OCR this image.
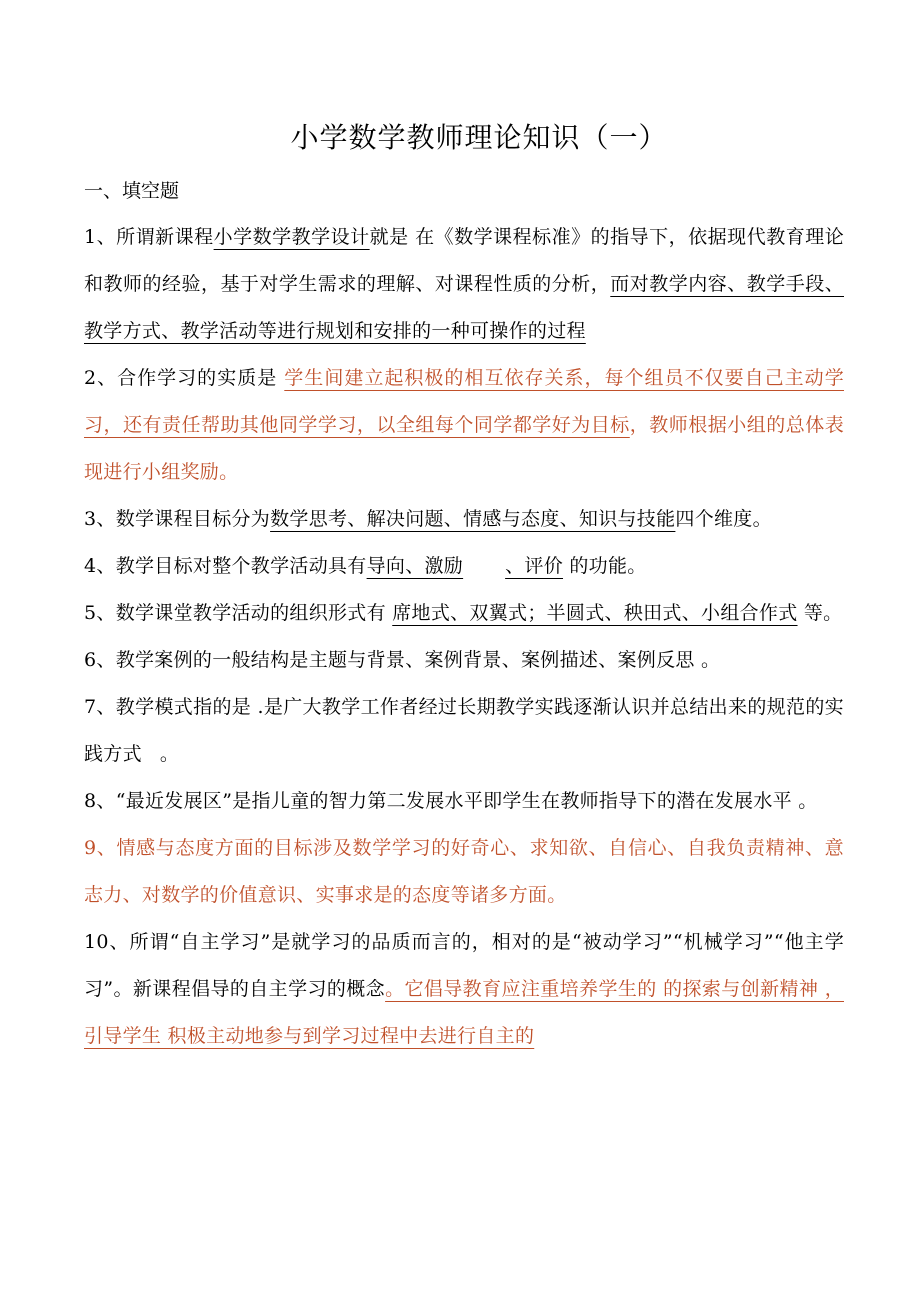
小学数学教师理论知识（一）
一、填空题

1、所谓新课程小学数学教学设计就是 在《数学课程标准》的指导下，依据现代教育理论和教师的经验，基于对学生需求的理解、对课程性质的分析，而对教学内容、教学手段、教学方式、教学活动等进行规划和安排的一种可操作的过程

2、合作学习的实质是 学生间建立起积极的相互依存关系，每个组员不仅要自己主动学习，还有责任帮助其他同学学习，以全组每个同学都学好为目标，教师根据小组的总体表现进行小组奖励。

3、数学课程目标分为数学思考、解决问题、情感与态度、知识与技能四个维度。

4、教学目标对整个教学活动具有导向、激励 、评价 的功能。

5、数学课堂教学活动的组织形式有 席地式、双翼式；半圆式、秧田式、小组合作式 等。

6、教学案例的一般结构是主题与背景、案例背景、案例描述、案例反思 。

7、教学模式指的是 .是广大教学工作者经过长期教学实践逐渐认识并总结出来的规范的实践方式 。

8、“最近发展区”是指儿童的智力第二发展水平即学生在教师指导下的潜在发展水平 。

9、情感与态度方面的目标涉及数学学习的好奇心、求知欲、自信心、自我负责精神、意志力、对数学的价值意识、实事求是的态度等诸多方面。

10、所谓“自主学习”是就学习的品质而言的，相对的是“被动学习”“机械学习”“他主学习”。新课程倡导的自主学习的概念。它倡导教育应注重培养学生的 的探索与创新精神 ，引导学生 积极主动地参与到学习过程中去进行自主的
